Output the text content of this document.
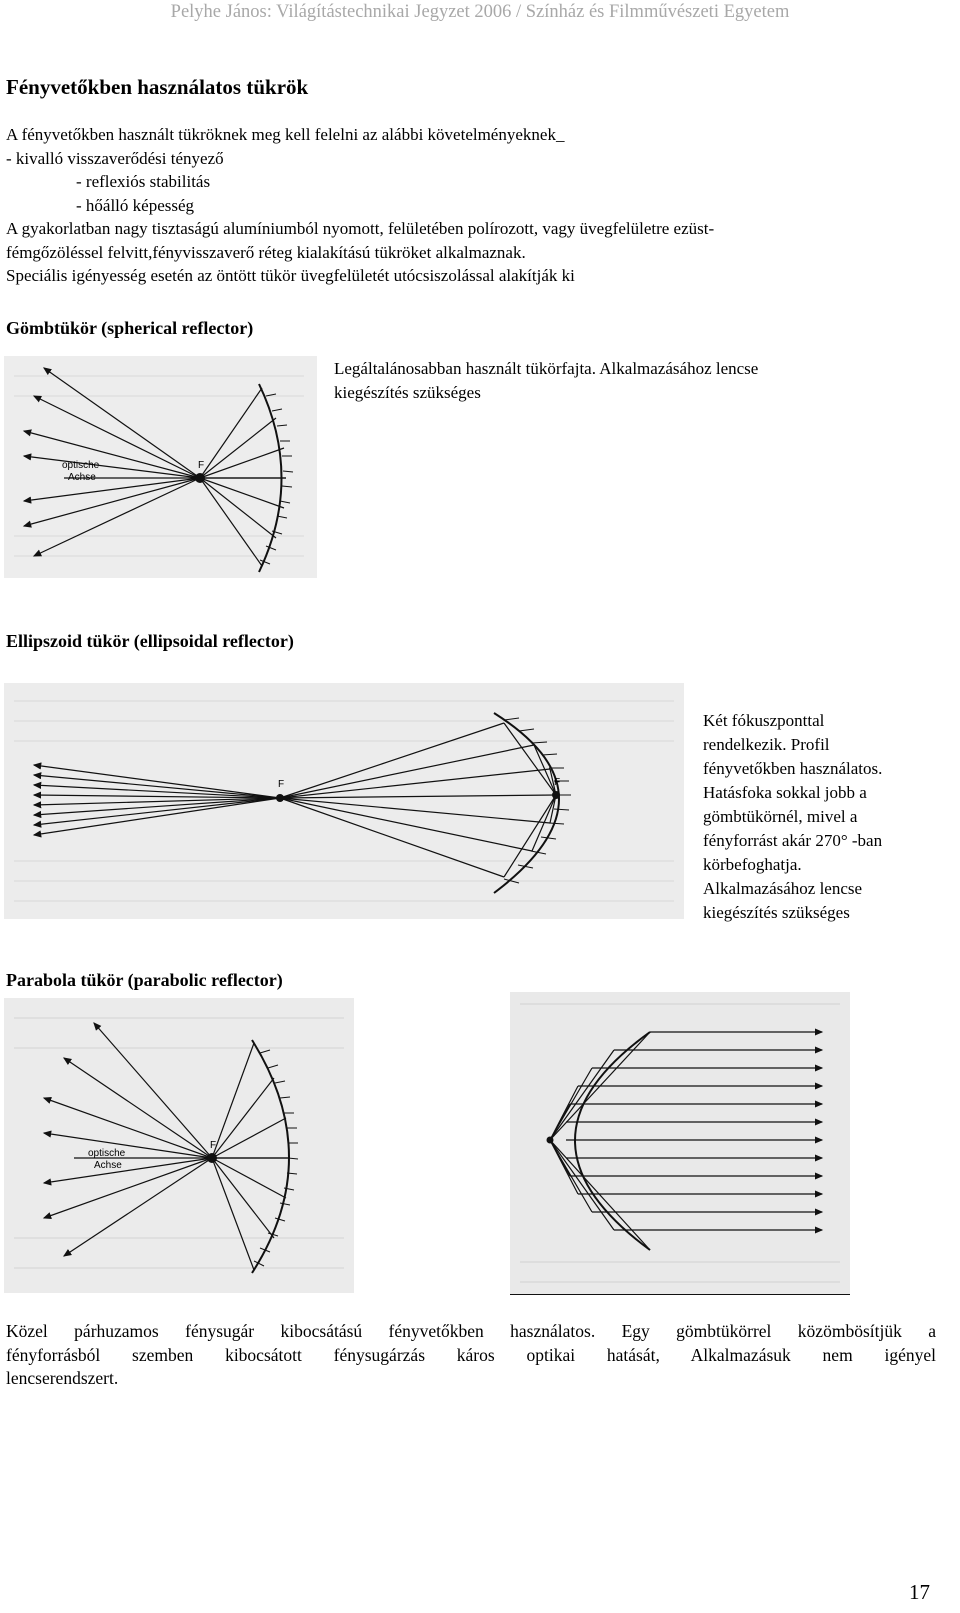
Pelyhe János: Világítástechnikai Jegyzet 2006 / Színház és Filmművészeti Egyetem
Fényvetőkben használatos tükrök
A fényvetőkben használt tükröknek meg kell felelni az alábbi követelményeknek_
- kivalló visszaverődési tényező
- reflexiós stabilitás
- hőálló képesség
A gyakorlatban nagy tisztaságú alumíniumból nyomott, felületében polírozott, vagy üvegfelületre ezüst-
fémgőzöléssel felvitt,fényvisszaverő réteg kialakítású tükröket alkalmaznak.
Speciális igényesség esetén az öntött tükör üvegfelületét utócsiszolással alakítják ki
Gömbtükör (spherical reflector)
optische
Achse
F
Legáltalánosabban használt tükörfajta. Alkalmazásához lencse
kiegészítés szükséges
Ellipszoid tükör (ellipsoidal reflector)
F	F
Két fókuszponttal
rendelkezik. Profil
fényvetőkben használatos.
Hatásfoka sokkal jobb a
gömbtükörnél, mivel a
fényforrást akár 270° -ban
körbefoghatja.
Alkalmazásához lencse
kiegészítés szükséges
Parabola tükör (parabolic reflector)
optische
Achse
F
Közel párhuzamos fénysugár kibocsátású fényvetőkben használatos. Egy gömbtükörrel közömbösítjük a
fényforrásból szemben kibocsátott fénysugárzás káros optikai hatását, Alkalmazásuk nem igényel
lencserendszert.
17
